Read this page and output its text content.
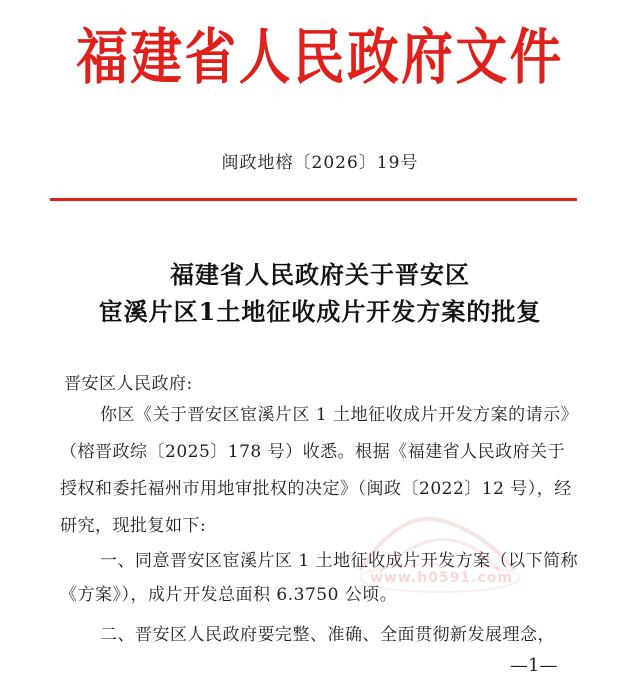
福建省人民政府文件
闽政地榕〔2026〕19号
福建省人民政府关于晋安区
宦溪片区1土地征收成片开发方案的批复
晋安区人民政府:
你区《关于晋安区宦溪片区 1 土地征收成片开发方案的请示》
（榕晋政综〔2025〕178 号）收悉。根据《福建省人民政府关于
授权和委托福州市用地审批权的决定》（闽政〔2022〕12 号），经
研究，现批复如下:
一、同意晋安区宦溪片区 1 土地征收成片开发方案（以下简称
《方案》），成片开发总面积 6.3750 公顷。
二、晋安区人民政府要完整、准确、全面贯彻新发展理念，
www.h0591.com
—1—
